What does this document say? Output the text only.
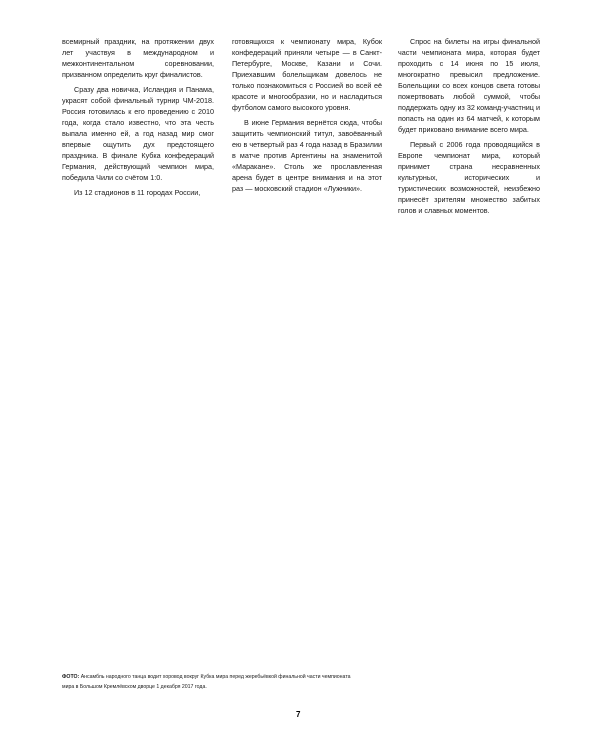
всемирный праздник, на протяжении двух лет участвуя в международном и межконтинентальном соревновании, призванном определить круг финалистов.

Сразу два новичка, Исландия и Панама, украсят собой финальный турнир ЧМ-2018. Россия готовилась к его проведению с 2010 года, когда стало известно, что эта честь выпала именно ей, а год назад мир смог впервые ощутить дух предстоящего праздника. В финале Кубка конфедераций Германия, действующий чемпион мира, победила Чили со счётом 1:0.

Из 12 стадионов в 11 городах России,

готовящихся к чемпионату мира, Кубок конфедераций приняли четыре — в Санкт-Петербурге, Москве, Казани и Сочи. Приехавшим болельщикам довелось не только познакомиться с Россией во всей её красоте и многообразии, но и насладиться футболом самого высокого уровня.

В июне Германия вернётся сюда, чтобы защитить чемпионский титул, завоёванный ею в четвертый раз 4 года назад в Бразилии в матче против Аргентины на знаменитой «Маракане». Столь же прославленная арена будет в центре внимания и на этот раз — московский стадион «Лужники».

Спрос на билеты на игры финальной части чемпионата мира, которая будет проходить с 14 июня по 15 июля, многократно превысил предложение. Болельщики со всех концов света готовы пожертвовать любой суммой, чтобы поддержать одну из 32 команд-участниц и попасть на один из 64 матчей, к которым будет приковано внимание всего мира.

Первый с 2006 года проводящийся в Европе чемпионат мира, который принимет страна несравненных культурных, исторических и туристических возможностей, неизбежно принесёт зрителям множество забитых голов и славных моментов.

ФОТО: Ансамбль народного танца водит хоровод вокруг Кубка мира перед жеребьёвкой финальной части чемпионата мира в Большом Кремлёвском дворце 1 декабря 2017 года.
7
